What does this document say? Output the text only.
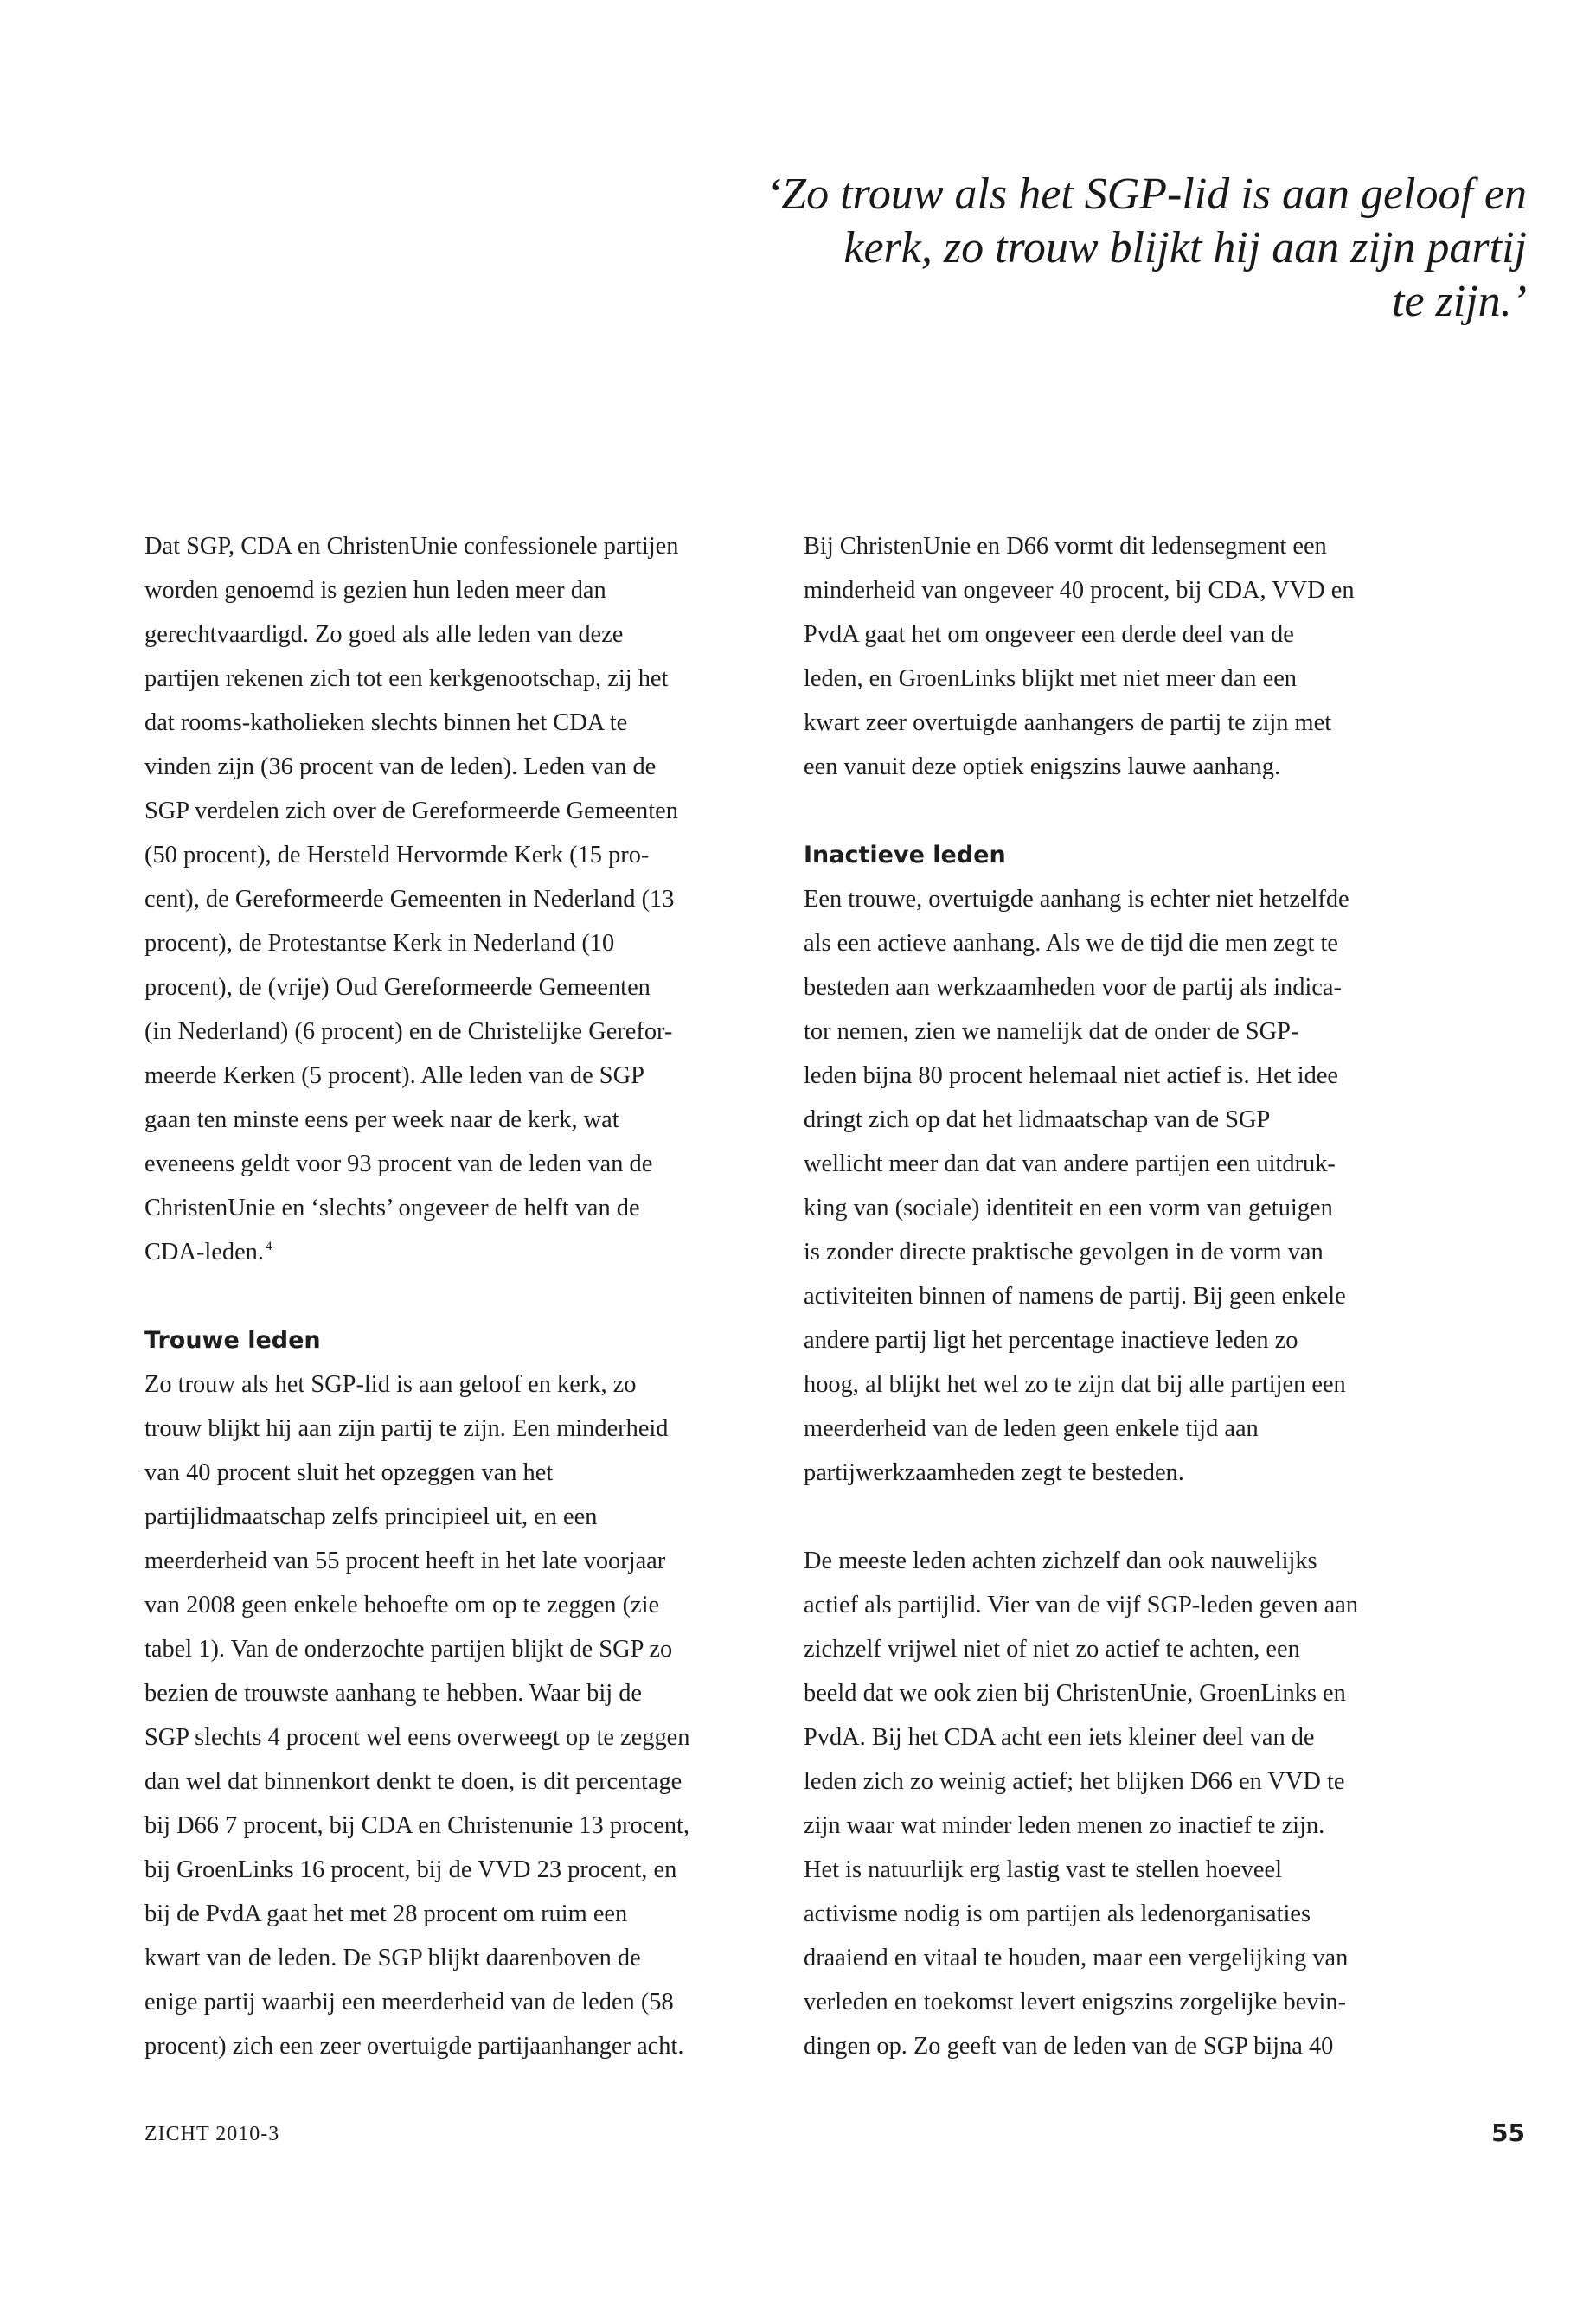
‘Zo trouw als het SGP-lid is aan geloof en
kerk, zo trouw blijkt hij aan zijn partij
te zijn.’
Dat SGP, CDA en ChristenUnie confessionele partijen
worden genoemd is gezien hun leden meer dan
gerechtvaardigd. Zo goed als alle leden van deze
partijen rekenen zich tot een kerkgenootschap, zij het
dat rooms-katholieken slechts binnen het CDA te
vinden zijn (36 procent van de leden). Leden van de
SGP verdelen zich over de Gereformeerde Gemeenten
(50 procent), de Hersteld Hervormde Kerk (15 pro-
cent), de Gereformeerde Gemeenten in Nederland (13
procent), de Protestantse Kerk in Nederland (10
procent), de (vrije) Oud Gereformeerde Gemeenten
(in Nederland) (6 procent) en de Christelijke Gerefor-
meerde Kerken (5 procent). Alle leden van de SGP
gaan ten minste eens per week naar de kerk, wat
eveneens geldt voor 93 procent van de leden van de
ChristenUnie en ‘slechts’ ongeveer de helft van de
CDA-leden. $^4$
Trouwe leden
Zo trouw als het SGP-lid is aan geloof en kerk, zo
trouw blijkt hij aan zijn partij te zijn. Een minderheid
van 40 procent sluit het opzeggen van het
partijlidmaatschap zelfs principieel uit, en een
meerderheid van 55 procent heeft in het late voorjaar
van 2008 geen enkele behoefte om op te zeggen (zie
tabel 1). Van de onderzochte partijen blijkt de SGP zo
bezien de trouwste aanhang te hebben. Waar bij de
SGP slechts 4 procent wel eens overweegt op te zeggen
dan wel dat binnenkort denkt te doen, is dit percentage
bij D66 7 procent, bij CDA en Christenunie 13 procent,
bij GroenLinks 16 procent, bij de VVD 23 procent, en
bij de PvdA gaat het met 28 procent om ruim een
kwart van de leden. De SGP blijkt daarenboven de
enige partij waarbij een meerderheid van de leden (58
procent) zich een zeer overtuigde partijaanhanger acht.
Bij ChristenUnie en D66 vormt dit ledensegment een
minderheid van ongeveer 40 procent, bij CDA, VVD en
PvdA gaat het om ongeveer een derde deel van de
leden, en GroenLinks blijkt met niet meer dan een
kwart zeer overtuigde aanhangers de partij te zijn met
een vanuit deze optiek enigszins lauwe aanhang.
Inactieve leden
Een trouwe, overtuigde aanhang is echter niet hetzelfde
als een actieve aanhang. Als we de tijd die men zegt te
besteden aan werkzaamheden voor de partij als indica-
tor nemen, zien we namelijk dat de onder de SGP-
leden bijna 80 procent helemaal niet actief is. Het idee
dringt zich op dat het lidmaatschap van de SGP
wellicht meer dan dat van andere partijen een uitdruk-
king van (sociale) identiteit en een vorm van getuigen
is zonder directe praktische gevolgen in de vorm van
activiteiten binnen of namens de partij. Bij geen enkele
andere partij ligt het percentage inactieve leden zo
hoog, al blijkt het wel zo te zijn dat bij alle partijen een
meerderheid van de leden geen enkele tijd aan
partijwerkzaamheden zegt te besteden.
De meeste leden achten zichzelf dan ook nauwelijks
actief als partijlid. Vier van de vijf SGP-leden geven aan
zichzelf vrijwel niet of niet zo actief te achten, een
beeld dat we ook zien bij ChristenUnie, GroenLinks en
PvdA. Bij het CDA acht een iets kleiner deel van de
leden zich zo weinig actief; het blijken D66 en VVD te
zijn waar wat minder leden menen zo inactief te zijn.
Het is natuurlijk erg lastig vast te stellen hoeveel
activisme nodig is om partijen als ledenorganisaties
draaiend en vitaal te houden, maar een vergelijking van
verleden en toekomst levert enigszins zorgelijke bevin-
dingen op. Zo geeft van de leden van de SGP bijna 40
ZICHT 2010-3	55
